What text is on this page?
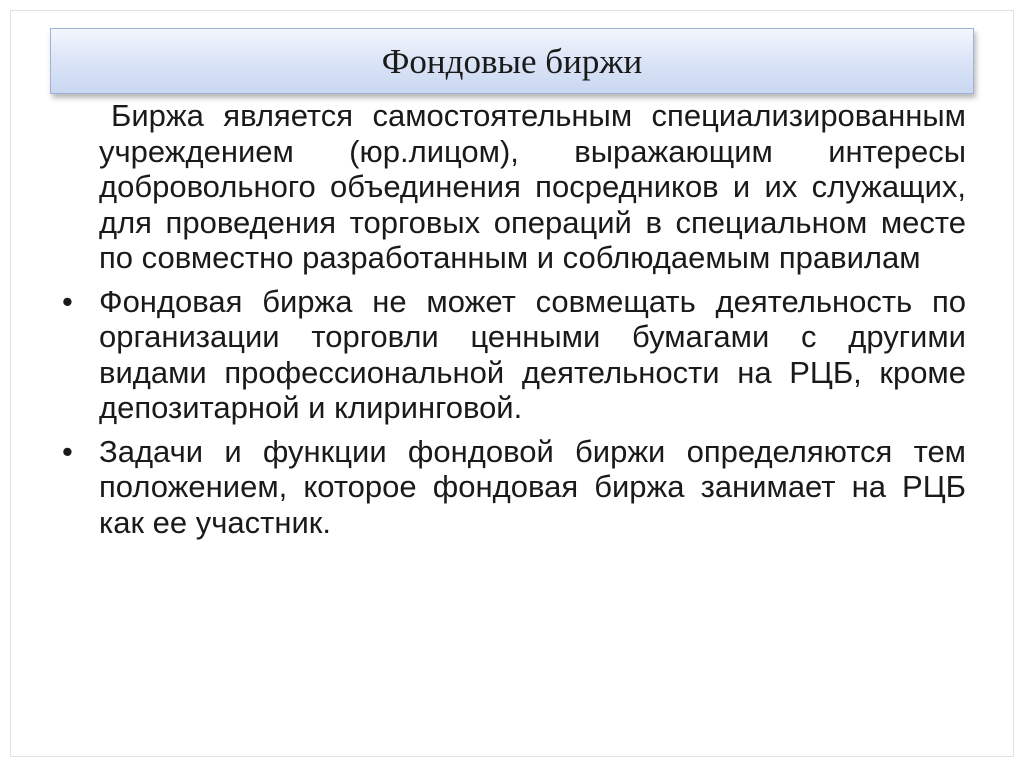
Фондовые биржи
Биржа является самостоятельным специализированным учреждением (юр.лицом), выражающим интересы добровольного объединения посредников и их служащих, для проведения торговых операций в специальном месте по совместно разработанным и соблюдаемым правилам
• Фондовая биржа не может совмещать деятельность по организации торговли ценными бумагами с другими видами профессиональной деятельности на РЦБ, кроме депозитарной и клиринговой.
• Задачи и функции фондовой биржи определяются тем положением, которое фондовая биржа занимает на РЦБ как ее участник.
